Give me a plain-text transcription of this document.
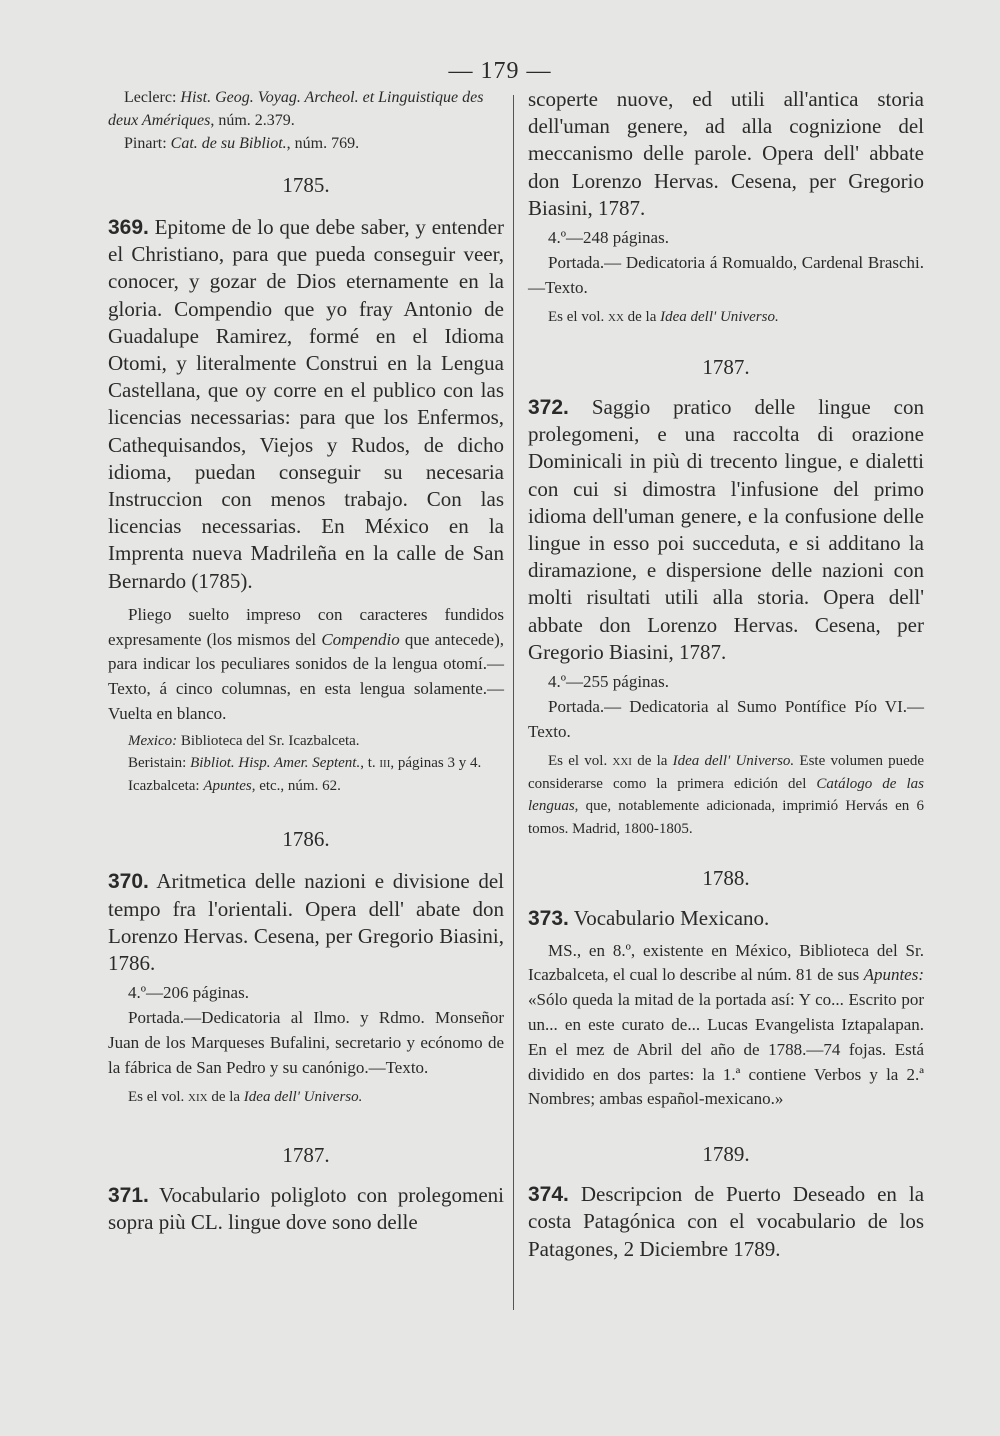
— 179 —

Leclerc: Hist. Geog. Voyag. Archeol. et Linguistique des deux Amériques, núm. 2.379.

Pinart: Cat. de su Bibliot., núm. 769.

1785.

369. Epitome de lo que debe saber, y entender el Christiano, para que pueda conseguir veer, conocer, y gozar de Dios eternamente en la gloria. Compendio que yo fray Antonio de Guadalupe Ramirez, formé en el Idioma Otomi, y literalmente Construi en la Lengua Castellana, que oy corre en el publico con las licencias necessarias: para que los Enfermos, Cathequisandos, Viejos y Rudos, de dicho idioma, puedan conseguir su necesaria Instruccion con menos trabajo. Con las licencias necessarias. En México en la Imprenta nueva Madrileña en la calle de San Bernardo (1785).

Pliego suelto impreso con caracteres fundidos expresamente (los mismos del Compendio que antecede), para indicar los peculiares sonidos de la lengua otomí.—Texto, á cinco columnas, en esta lengua solamente.—Vuelta en blanco.

Mexico: Biblioteca del Sr. Icazbalceta.

Beristain: Bibliot. Hisp. Amer. Septent., t. iii, páginas 3 y 4.

Icazbalceta: Apuntes, etc., núm. 62.

1786.

370. Aritmetica delle nazioni e divisione del tempo fra l'orientali. Opera dell' abate don Lorenzo Hervas. Cesena, per Gregorio Biasini, 1786.

4.º—206 páginas.

Portada.—Dedicatoria al Ilmo. y Rdmo. Monseñor Juan de los Marqueses Bufalini, secretario y ecónomo de la fábrica de San Pedro y su canónigo.—Texto.

Es el vol. xix de la Idea dell' Universo.

1787.

371. Vocabulario poligloto con prolegomeni sopra più CL. lingue dove sono delle

scoperte nuove, ed utili all'antica storia dell'uman genere, ad alla cognizione del meccanismo delle parole. Opera dell' abbate don Lorenzo Hervas. Cesena, per Gregorio Biasini, 1787.

4.º—248 páginas.

Portada.— Dedicatoria á Romualdo, Cardenal Braschi.—Texto.

Es el vol. xx de la Idea dell' Universo.

1787.

372. Saggio pratico delle lingue con prolegomeni, e una raccolta di orazione Dominicali in più di trecento lingue, e dialetti con cui si dimostra l'infusione del primo idioma dell'uman genere, e la confusione delle lingue in esso poi succeduta, e si additano la diramazione, e dispersione delle nazioni con molti risultati utili alla storia. Opera dell' abbate don Lorenzo Hervas. Cesena, per Gregorio Biasini, 1787.

4.º—255 páginas.

Portada.— Dedicatoria al Sumo Pontífice Pío VI.—Texto.

Es el vol. xxi de la Idea dell' Universo. Este volumen puede considerarse como la primera edición del Catálogo de las lenguas, que, notablemente adicionada, imprimió Hervás en 6 tomos. Madrid, 1800-1805.

1788.

373. Vocabulario Mexicano.

MS., en 8.º, existente en México, Biblioteca del Sr. Icazbalceta, el cual lo describe al núm. 81 de sus Apuntes: «Sólo queda la mitad de la portada así: Y co... Escrito por un... en este curato de... Lucas Evangelista Iztapalapan. En el mez de Abril del año de 1788.—74 fojas. Está dividido en dos partes: la 1.ª contiene Verbos y la 2.ª Nombres; ambas español-mexicano.»

1789.

374. Descripcion de Puerto Deseado en la costa Patagónica con el vocabulario de los Patagones, 2 Diciembre 1789.
